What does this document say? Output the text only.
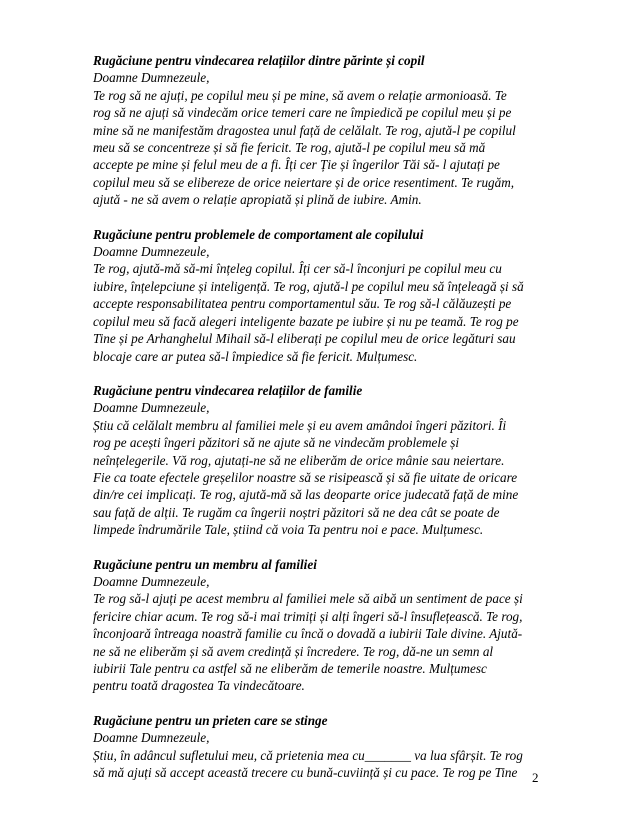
Rugăciune pentru vindecarea relațiilor dintre părinte și copil
Doamne Dumnezeule,
Te rog să ne ajuți, pe copilul meu și pe mine, să avem o relație armonioasă. Te
rog să ne ajuți să vindecăm orice temeri care ne împiedică pe copilul meu și pe
mine să ne manifestăm dragostea unul față de celălalt. Te rog, ajută-l pe copilul
meu să se concentreze și să fie fericit. Te rog, ajută-l pe copilul meu să mă
accepte pe mine și felul meu de a fi. Îți cer Ție și îngerilor Tăi să- l ajutați pe
copilul meu să se elibereze de orice neiertare și de orice resentiment. Te rugăm,
ajută - ne să avem o relație apropiată și plină de iubire. Amin.
Rugăciune pentru problemele de comportament ale copilului
Doamne Dumnezeule,
Te rog, ajută-mă să-mi înțeleg copilul. Îți cer să-l înconjuri pe copilul meu cu
iubire, înțelepciune și inteligență. Te rog, ajută-l pe copilul meu să înțeleagă și să
accepte responsabilitatea pentru comportamentul său. Te rog să-l călăuzești pe
copilul meu să facă alegeri inteligente bazate pe iubire și nu pe teamă. Te rog pe
Tine și pe Arhanghelul Mihail să-l eliberați pe copilul meu de orice legături sau
blocaje care ar putea să-l împiedice să fie fericit. Mulțumesc.
Rugăciune pentru vindecarea relațiilor de familie
Doamne Dumnezeule,
Știu că celălalt membru al familiei mele și eu avem amândoi îngeri păzitori. Îi
rog pe acești îngeri păzitori să ne ajute să ne vindecăm problemele și
neînțelegerile. Vă rog, ajutați-ne să ne eliberăm de orice mânie sau neiertare.
Fie ca toate efectele greșelilor noastre să se risipească și să fie uitate de oricare
din/re cei implicați. Te rog, ajută-mă să las deoparte orice judecată față de mine
sau față de alții. Te rugăm ca îngerii noștri păzitori să ne dea cât se poate de
limpede îndrumările Tale, știind că voia Ta pentru noi e pace. Mulțumesc.
Rugăciune pentru un membru al familiei
Doamne Dumnezeule,
Te rog să-l ajuți pe acest membru al familiei mele să aibă un sentiment de pace și
fericire chiar acum. Te rog să-i mai trimiți și alți îngeri să-l însuflețească. Te rog,
înconjoară întreaga noastră familie cu încă o dovadă a iubirii Tale divine. Ajută-
ne să ne eliberăm și să avem credință și încredere. Te rog, dă-ne un semn al
iubirii Tale pentru ca astfel să ne eliberăm de temerile noastre. Mulțumesc
pentru toată dragostea Ta vindecătoare.
Rugăciune pentru un prieten care se stinge
Doamne Dumnezeule,
Știu, în adâncul sufletului meu, că prietenia mea cu_______ va lua sfârșit. Te rog
să mă ajuți să accept această trecere cu bună-cuviință și cu pace. Te rog pe Tine	2
